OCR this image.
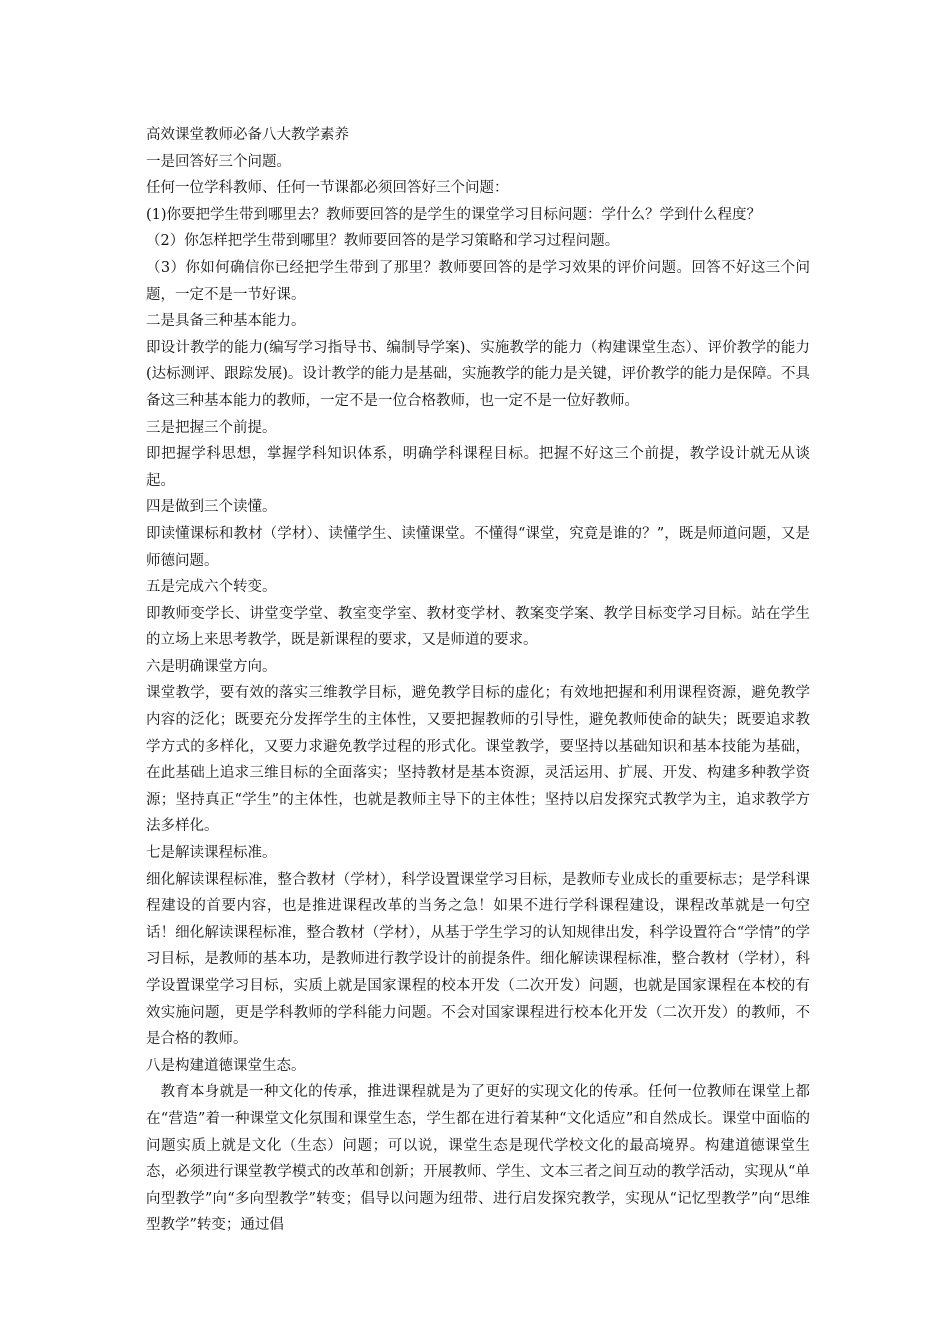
高效课堂教师必备八大教学素养

一是回答好三个问题。

任何一位学科教师、任何一节课都必须回答好三个问题：

(1)你要把学生带到哪里去？教师要回答的是学生的课堂学习目标问题：学什么？学到什么程度？

（2）你怎样把学生带到哪里？教师要回答的是学习策略和学习过程问题。

（3）你如何确信你已经把学生带到了那里？教师要回答的是学习效果的评价问题。回答不好这三个问题，一定不是一节好课。

二是具备三种基本能力。

即设计教学的能力(编写学习指导书、编制导学案)、实施教学的能力（构建课堂生态）、评价教学的能力(达标测评、跟踪发展)。设计教学的能力是基础，实施教学的能力是关键，评价教学的能力是保障。不具备这三种基本能力的教师，一定不是一位合格教师，也一定不是一位好教师。

三是把握三个前提。

即把握学科思想，掌握学科知识体系，明确学科课程目标。把握不好这三个前提，教学设计就无从谈起。

四是做到三个读懂。

即读懂课标和教材（学材）、读懂学生、读懂课堂。不懂得“课堂，究竟是谁的？”，既是师道问题，又是师德问题。

五是完成六个转变。

即教师变学长、讲堂变学堂、教室变学室、教材变学材、教案变学案、教学目标变学习目标。站在学生的立场上来思考教学，既是新课程的要求，又是师道的要求。

六是明确课堂方向。

课堂教学，要有效的落实三维教学目标，避免教学目标的虚化；有效地把握和利用课程资源，避免教学内容的泛化；既要充分发挥学生的主体性，又要把握教师的引导性，避免教师使命的缺失；既要追求教学方式的多样化，又要力求避免教学过程的形式化。课堂教学，要坚持以基础知识和基本技能为基础，在此基础上追求三维目标的全面落实；坚持教材是基本资源，灵活运用、扩展、开发、构建多种教学资源；坚持真正“学生”的主体性，也就是教师主导下的主体性；坚持以启发探究式教学为主，追求教学方法多样化。

七是解读课程标准。

细化解读课程标准，整合教材（学材），科学设置课堂学习目标，是教师专业成长的重要标志；是学科课程建设的首要内容，也是推进课程改革的当务之急！如果不进行学科课程建设，课程改革就是一句空话！细化解读课程标准，整合教材（学材），从基于学生学习的认知规律出发，科学设置符合“学情”的学习目标，是教师的基本功，是教师进行教学设计的前提条件。细化解读课程标准，整合教材（学材），科学设置课堂学习目标，实质上就是国家课程的校本开发（二次开发）问题，也就是国家课程在本校的有效实施问题，更是学科教师的学科能力问题。不会对国家课程进行校本化开发（二次开发）的教师，不是合格的教师。

八是构建道德课堂生态。

教育本身就是一种文化的传承，推进课程就是为了更好的实现文化的传承。任何一位教师在课堂上都在“营造”着一种课堂文化氛围和课堂生态，学生都在进行着某种“文化适应”和自然成长。课堂中面临的问题实质上就是文化（生态）问题；可以说，课堂生态是现代学校文化的最高境界。构建道德课堂生态，必须进行课堂教学模式的改革和创新；开展教师、学生、文本三者之间互动的教学活动，实现从“单向型教学”向“多向型教学”转变；倡导以问题为纽带、进行启发探究教学，实现从“记忆型教学”向“思维型教学”转变；通过倡
